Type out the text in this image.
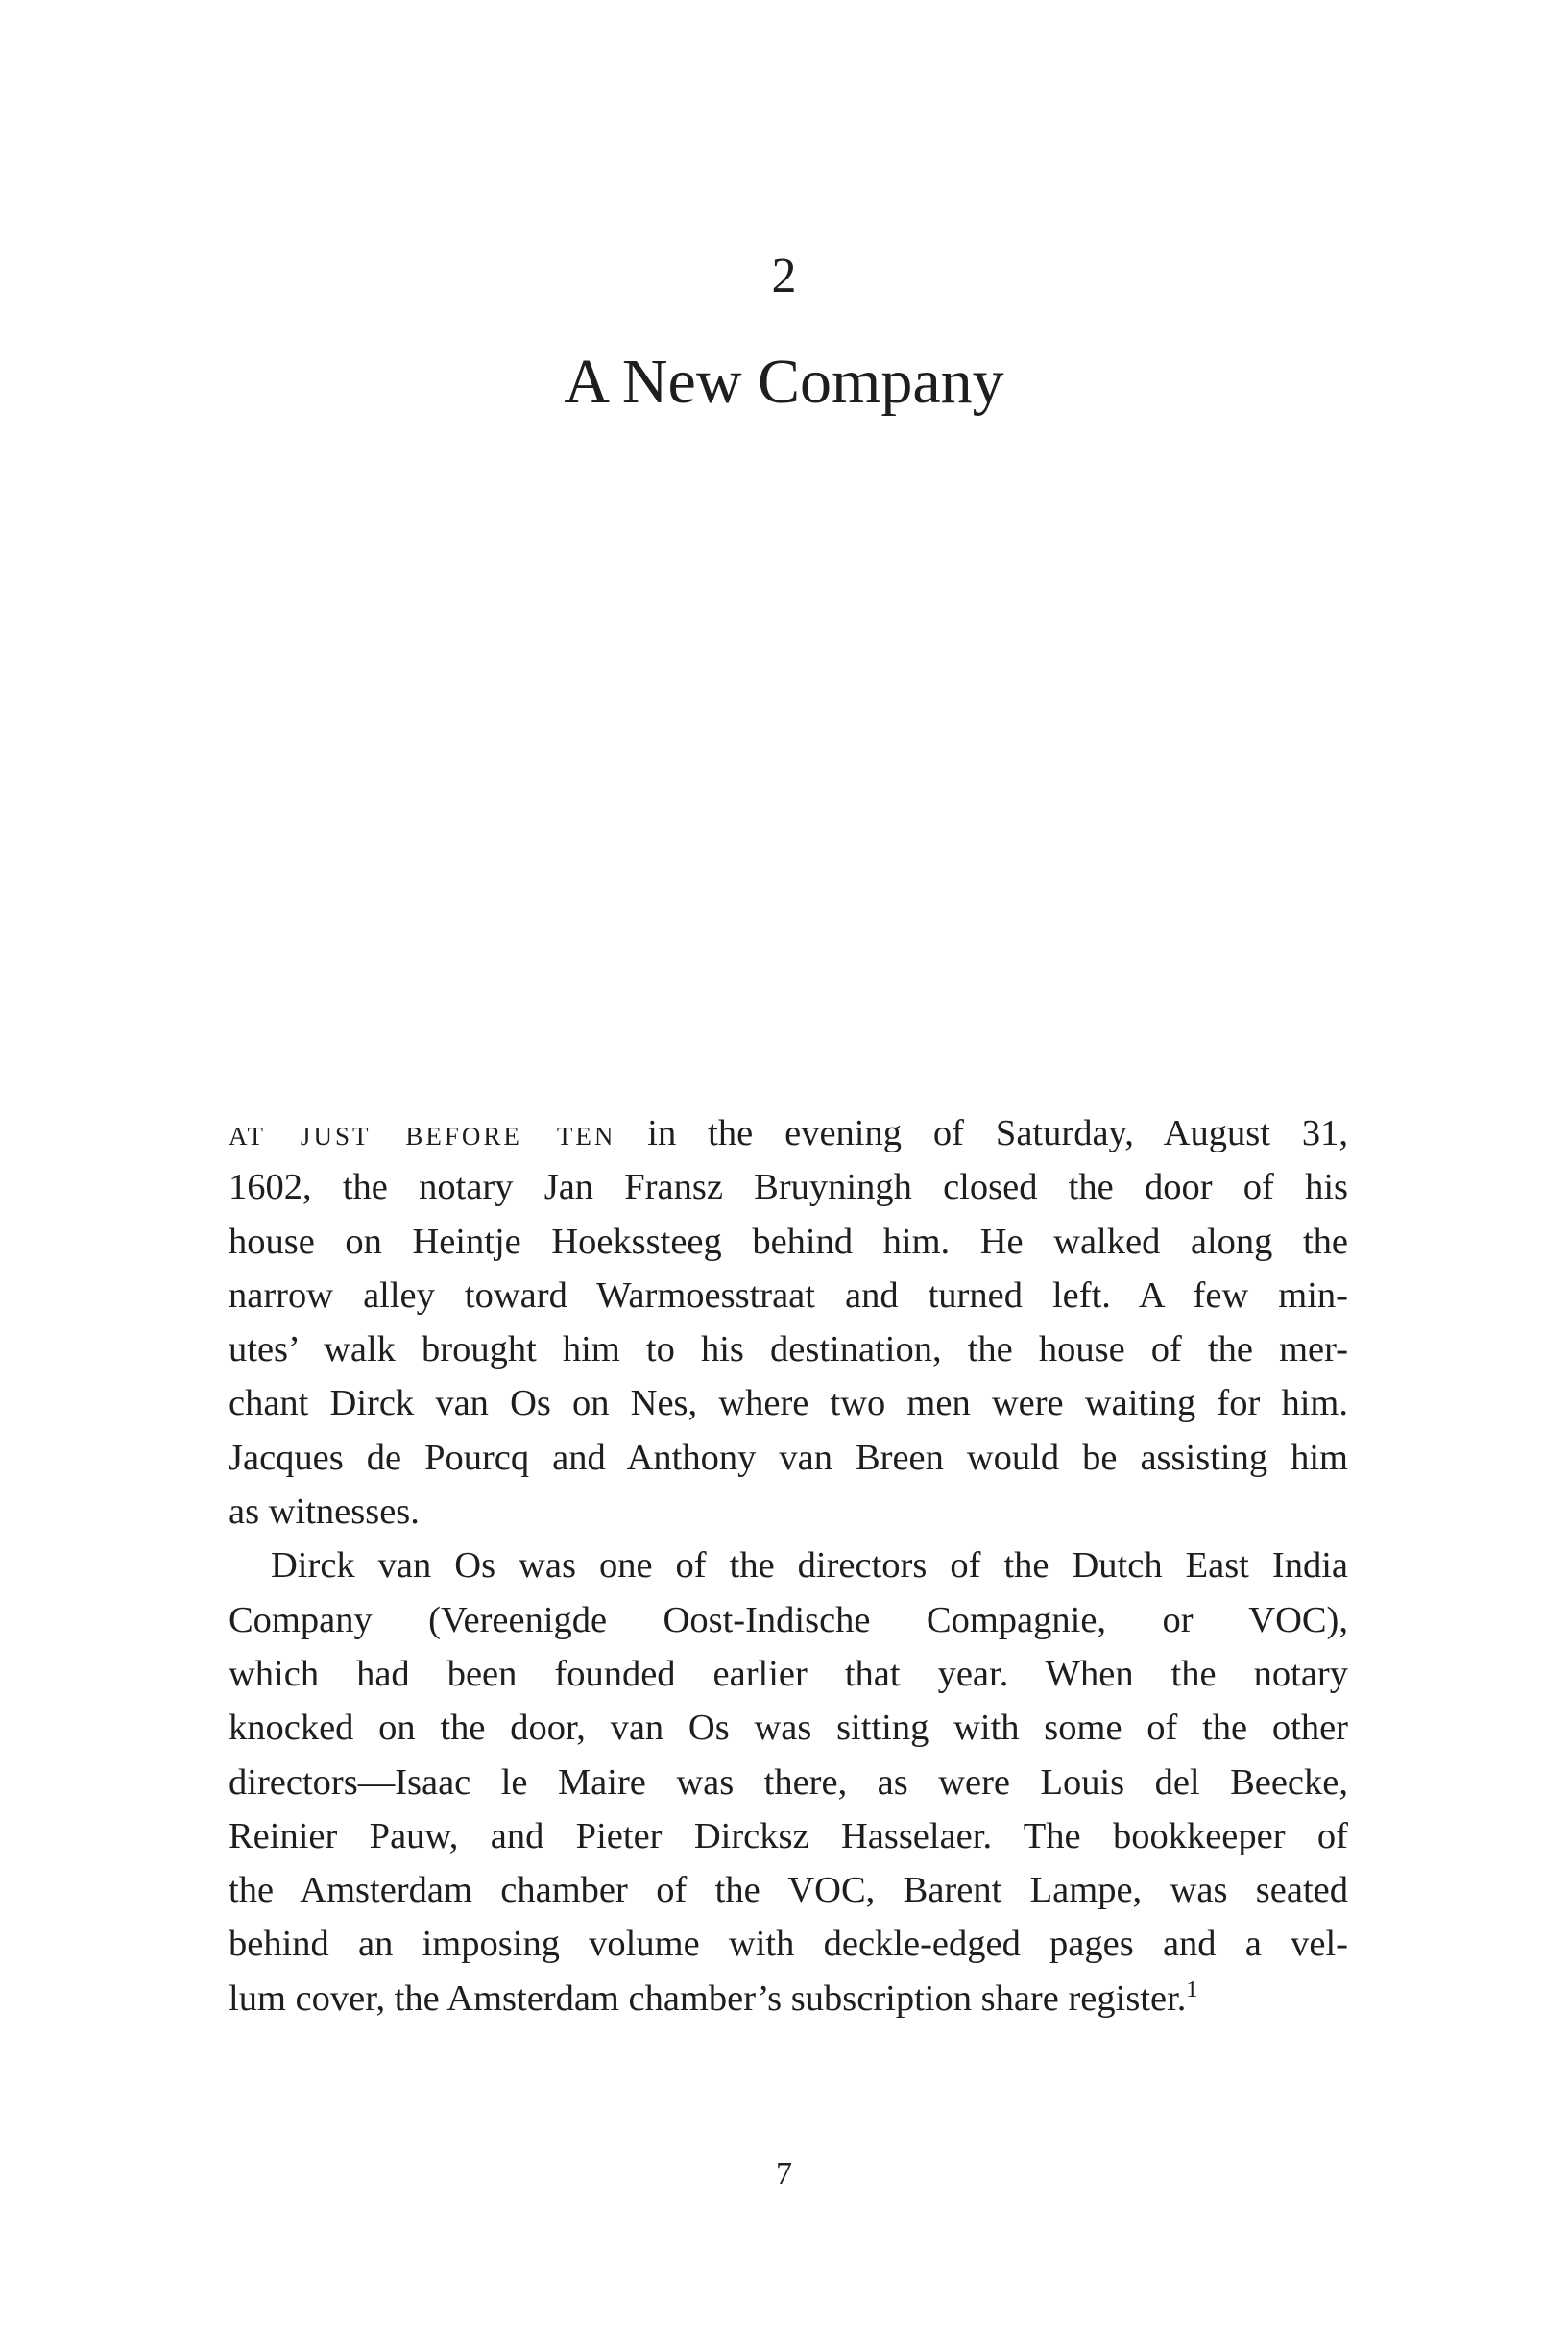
2
A New Company
at just before ten in the evening of Saturday, August 31,
1602, the notary Jan Fransz Bruyningh closed the door of his
house on Heintje Hoekssteeg behind him. He walked along the
narrow alley toward Warmoesstraat and turned left. A few min-
utes’ walk brought him to his destination, the house of the mer-
chant Dirck van Os on Nes, where two men were waiting for him.
Jacques de Pourcq and Anthony van Breen would be assisting him
as witnesses.
Dirck van Os was one of the directors of the Dutch East India
Company (Vereenigde Oost-Indische Compagnie, or VOC),
which had been founded earlier that year. When the notary
knocked on the door, van Os was sitting with some of the other
directors—Isaac le Maire was there, as were Louis del Beecke,
Reinier Pauw, and Pieter Dircksz Hasselaer. The bookkeeper of
the Amsterdam chamber of the VOC, Barent Lampe, was seated
behind an imposing volume with deckle-edged pages and a vel-
lum cover, the Amsterdam chamber’s subscription share register.$^1$
7
